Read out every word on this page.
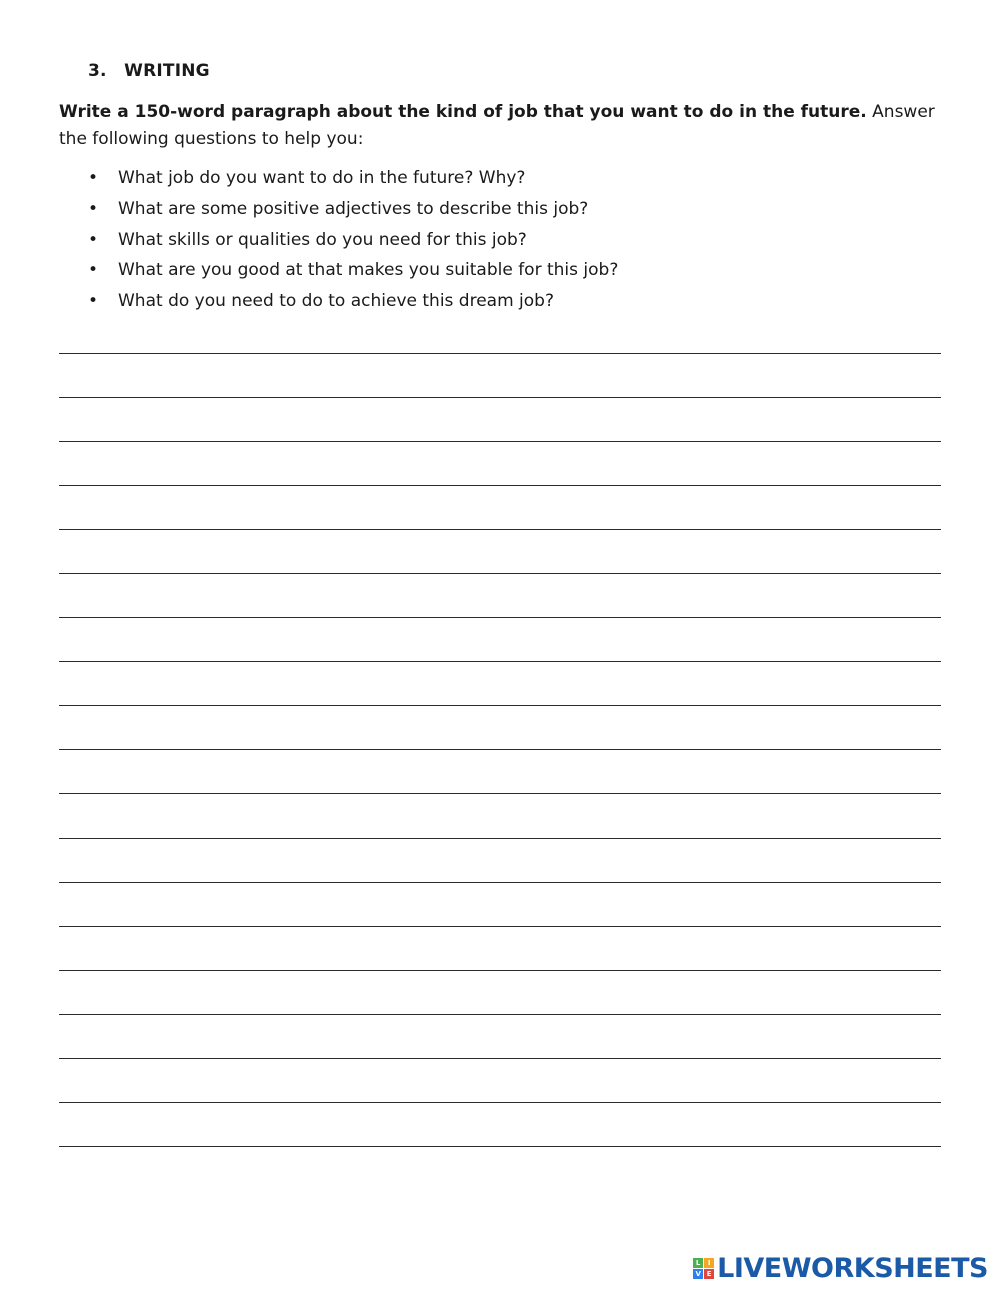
3. WRITING
Write a 150-word paragraph about the kind of job that you want to do in the future. Answer the following questions to help you:
• What job do you want to do in the future? Why?
• What are some positive adjectives to describe this job?
• What skills or qualities do you need for this job?
• What are you good at that makes you suitable for this job?
• What do you need to do to achieve this dream job?
L	I
V E LIVEWORKSHEETS
